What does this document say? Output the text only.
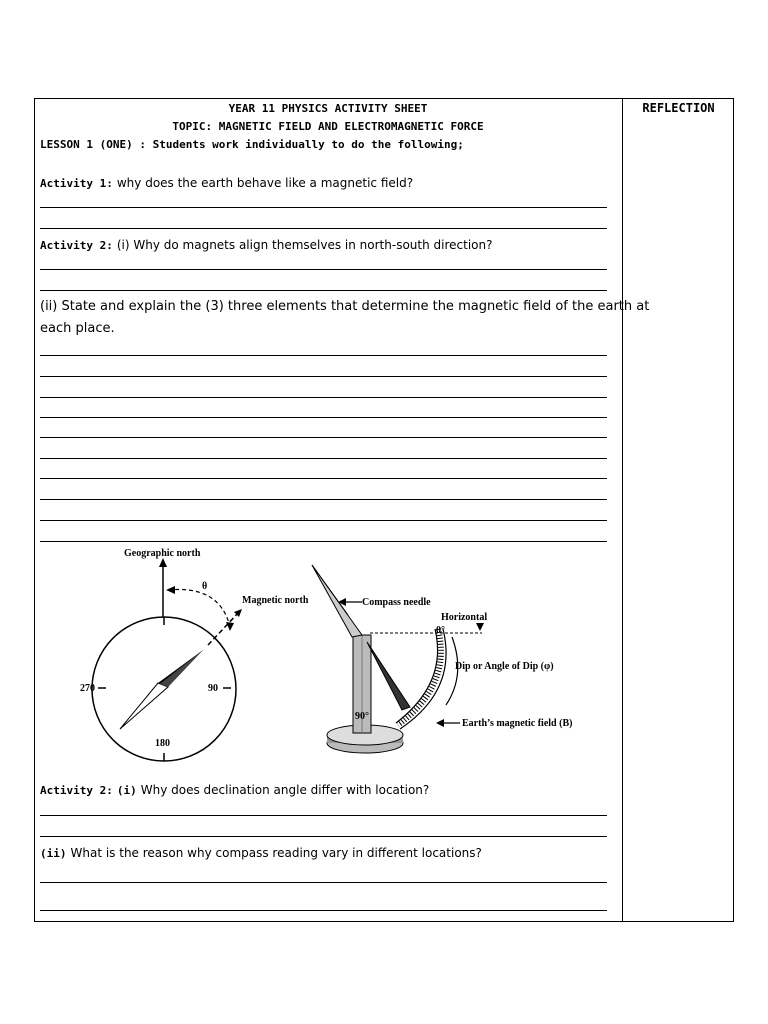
REFLECTION
YEAR 11 PHYSICS ACTIVITY SHEET
TOPIC: MAGNETIC FIELD AND ELECTROMAGNETIC FORCE
LESSON 1 (ONE) : Students work individually to do the following;
Activity 1: why does the earth behave like a magnetic field?
Activity 2: (i) Why do magnets align themselves in north-south direction?
(ii) State and explain the (3) three elements that determine the magnetic field of the earth at
each place.
Geographic north
θ
Magnetic north
270	90
180
Compass needle
Horizontal
0°
Dip or Angle of Dip (φ)
90°
Earth’s magnetic field (B)
Activity 2: (i) Why does declination angle differ with location?
(ii) What is the reason why compass reading vary in different locations?
